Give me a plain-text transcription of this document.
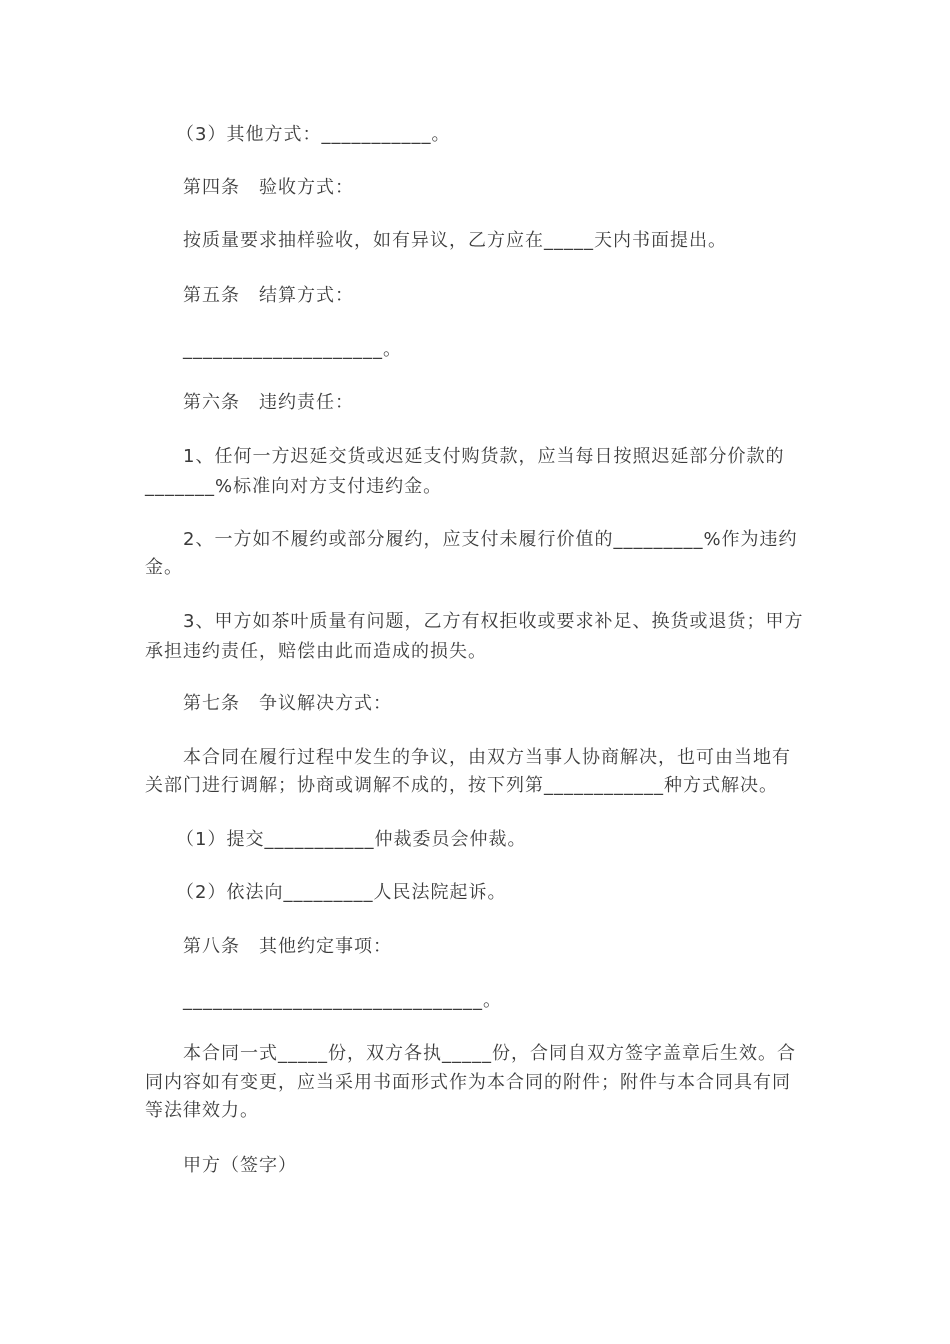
（3）其他方式：___________。
第四条　验收方式：
按质量要求抽样验收，如有异议，乙方应在_____天内书面提出。
第五条　结算方式：
____________________。
第六条　违约责任：
1、任何一方迟延交货或迟延支付购货款，应当每日按照迟延部分价款的
_______%标准向对方支付违约金。
2、一方如不履约或部分履约，应支付未履行价值的_________%作为违约
金。
3、甲方如茶叶质量有问题，乙方有权拒收或要求补足、换货或退货；甲方
承担违约责任，赔偿由此而造成的损失。
第七条　争议解决方式：
本合同在履行过程中发生的争议，由双方当事人协商解决，也可由当地有
关部门进行调解；协商或调解不成的，按下列第____________种方式解决。
（1）提交___________仲裁委员会仲裁。
（2）依法向_________人民法院起诉。
第八条　其他约定事项：
______________________________。
本合同一式_____份，双方各执_____份，合同自双方签字盖章后生效。合
同内容如有变更，应当采用书面形式作为本合同的附件；附件与本合同具有同
等法律效力。
甲方（签字）
